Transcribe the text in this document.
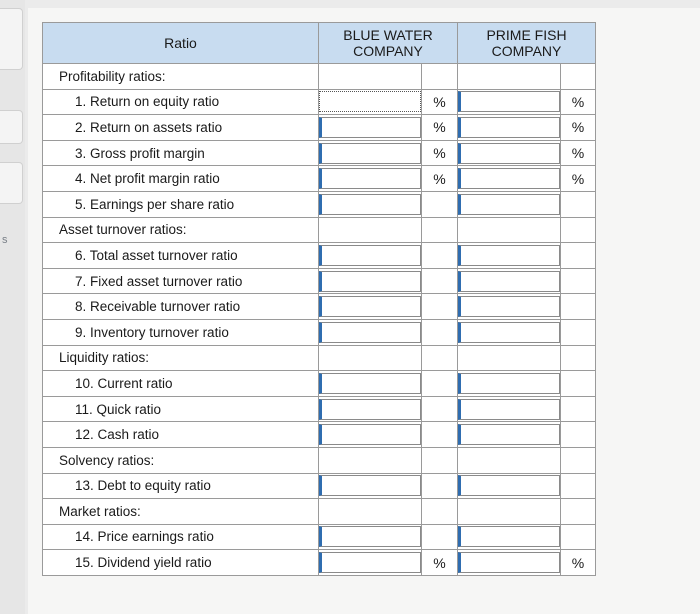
s
Ratio	BLUE WATER COMPANY		PRIME FISH COMPANY	
Profitability ratios:				
1. Return on equity ratio		%		%
2. Return on assets ratio		%		%
3. Gross profit margin		%		%
4. Net profit margin ratio		%		%
5. Earnings per share ratio	

Asset turnover ratios:				
6. Total asset turnover ratio	

7. Fixed asset turnover ratio	

8. Receivable turnover ratio	

9. Inventory turnover ratio	

Liquidity ratios:				
10. Current ratio	

11. Quick ratio	

12. Cash ratio	

Solvency ratios:				
13. Debt to equity ratio	

Market ratios:				
14. Price earnings ratio	

15. Dividend yield ratio		%		%
